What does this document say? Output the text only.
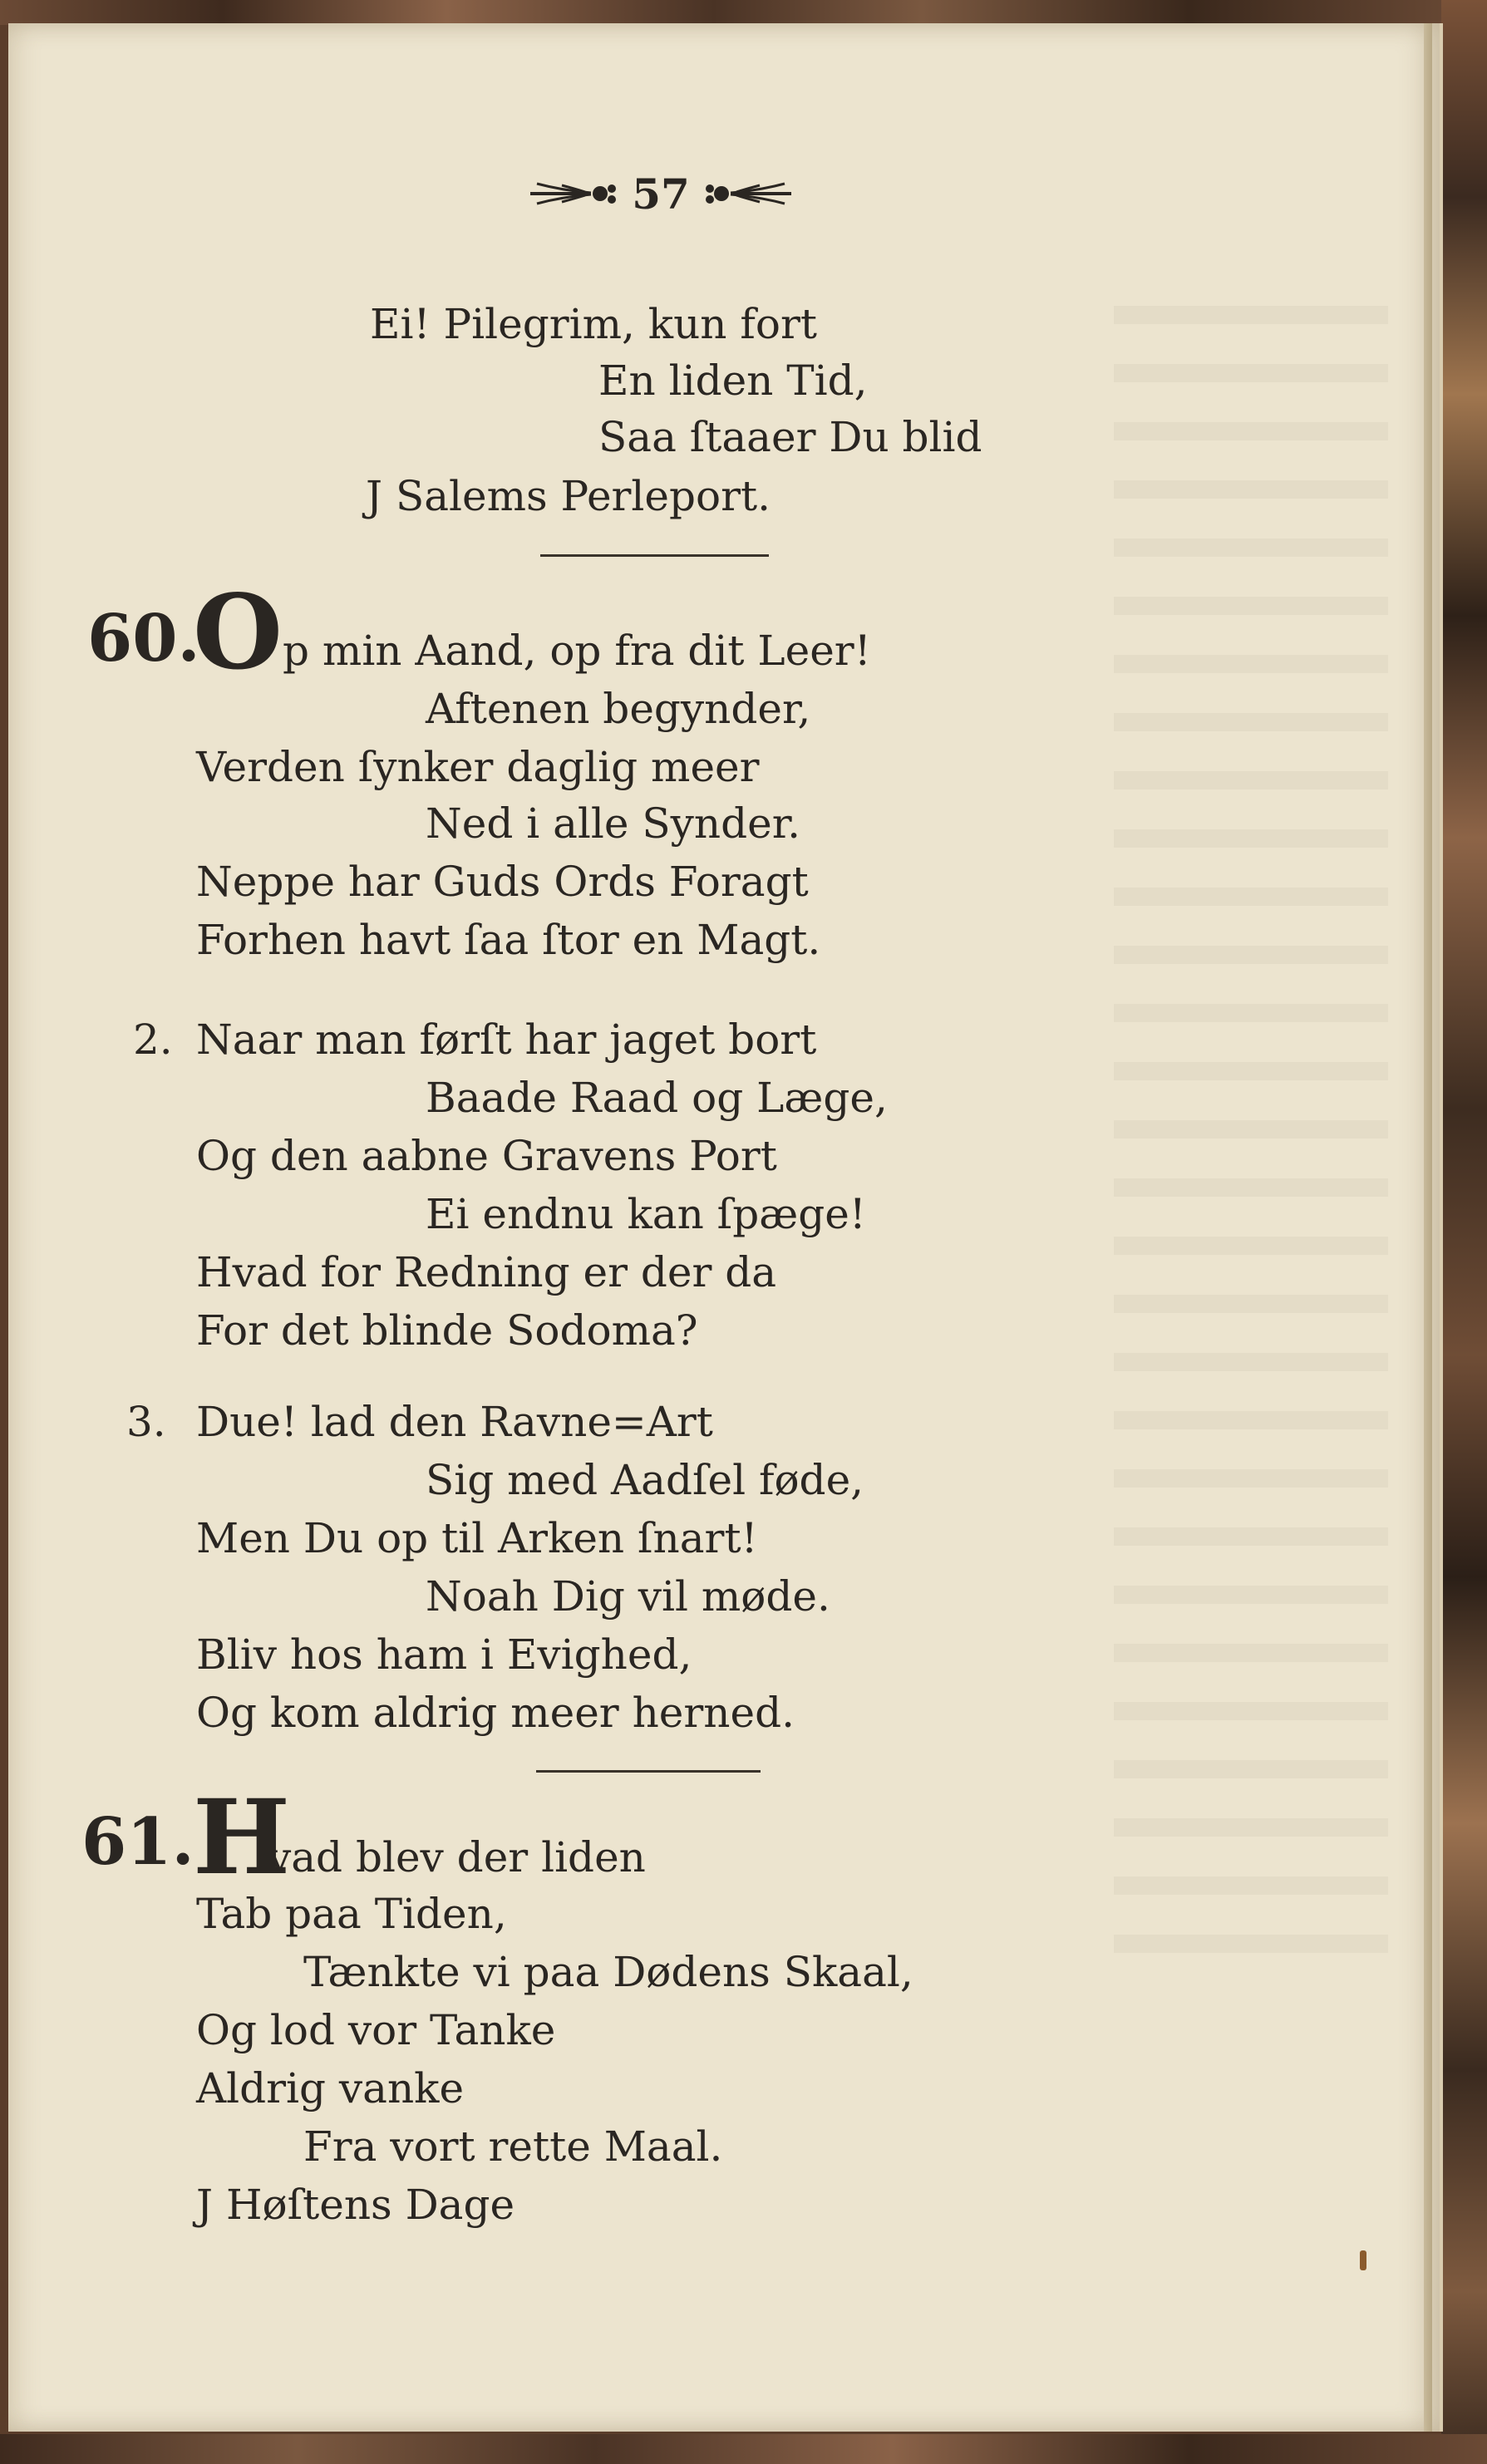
57
Ei! Pilegrim, kun fort
En liden Tid,
Saa ſtaaer Du blid
J Salems Perleport.
60.
O p min Aand, op fra dit Leer!
Aftenen begynder,
Verden ſynker daglig meer
Ned i alle Synder.
Neppe har Guds Ords Foragt
Forhen havt ſaa ſtor en Magt.
2. Naar man førſt har jaget bort
Baade Raad og Læge,
Og den aabne Gravens Port
Ei endnu kan ſpæge!
Hvad for Redning er der da
For det blinde Sodoma?
3. Due! lad den Ravne=Art
Sig med Aadſel føde,
Men Du op til Arken ſnart!
Noah Dig vil møde.
Bliv hos ham i Evighed,
Og kom aldrig meer herned.
61.
H
vad blev der liden
Tab paa Tiden,
Tænkte vi paa Dødens Skaal,
Og lod vor Tanke
Aldrig vanke
Fra vort rette Maal.
J Høſtens Dage
